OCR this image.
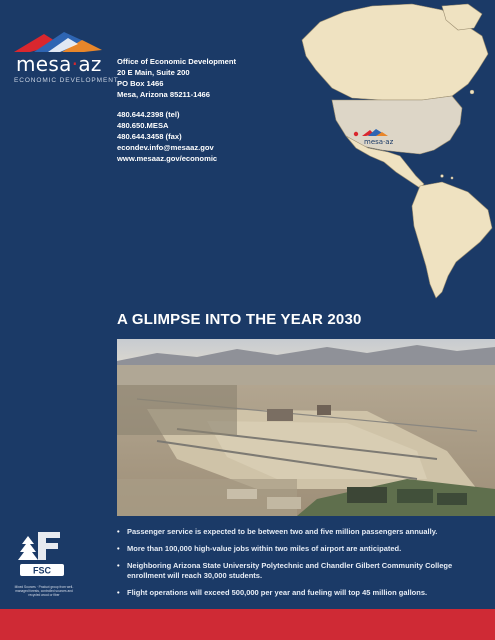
mesa·az
ECONOMIC DEVELOPMENT
Office of Economic Development
20 E Main, Suite 200
PO Box 1466
Mesa, Arizona 85211-1466
480.644.2398 (tel)
480.650.MESA
480.644.3458 (fax)
econdev.info@mesaaz.gov
www.mesaaz.gov/economic
mesa·az
A GLIMPSE INTO THE YEAR 2030
• Passenger service is expected to be between two and five million passengers annually.
• More than 100,000 high-value jobs within two miles of airport are anticipated.
• Neighboring Arizona State University Polytechnic and Chandler Gilbert Community College enrollment will reach 30,000 students.
• Flight operations will exceed 500,000 per year and fueling will top 45 million gallons.
FSC
Mixed Sources · Product group from well-managed forests, controlled sources and recycled wood or fiber
